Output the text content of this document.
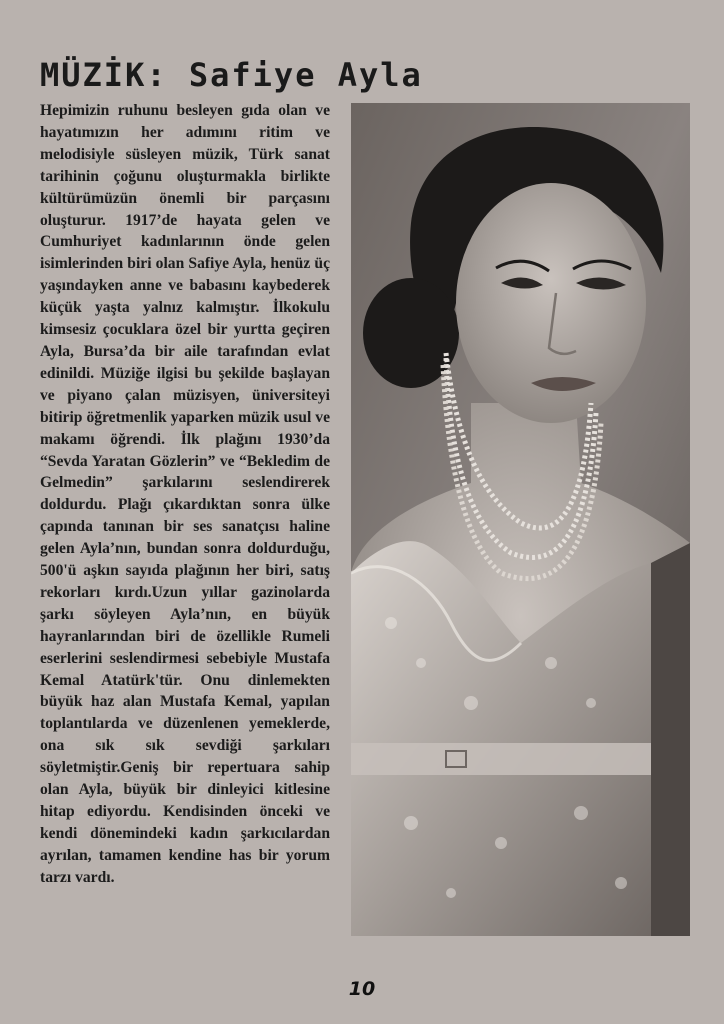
MÜZİK: Safiye Ayla

Hepimizin ruhunu besleyen gıda olan ve hayatımızın her adımını ritim ve melodisiyle süsleyen müzik, Türk sanat tarihinin çoğunu oluşturmakla birlikte kültürümüzün önemli bir parçasını oluşturur. 1917’de hayata gelen ve Cumhuriyet kadınlarının önde gelen isimlerinden biri olan Safiye Ayla, henüz üç yaşındayken anne ve babasını kaybederek küçük yaşta yalnız kalmıştır. İlkokulu kimsesiz çocuklara özel bir yurtta geçiren Ayla, Bursa’da bir aile tarafından evlat edinildi. Müziğe ilgisi bu şekilde başlayan ve piyano çalan müzisyen, üniversiteyi bitirip öğretmenlik yaparken müzik usul ve makamı öğrendi. İlk plağını 1930’da “Sevda Yaratan Gözlerin” ve “Bekledim de Gelmedin” şarkılarını seslendirerek doldurdu. Plağı çıkardıktan sonra ülke çapında tanınan bir ses sanatçısı haline gelen Ayla’nın, bundan sonra doldurduğu, 500'ü aşkın sayıda plağının her biri, satış rekorları kırdı.Uzun yıllar gazinolarda şarkı söyleyen Ayla’nın, en büyük hayranlarından biri de özellikle Rumeli eserlerini seslendirmesi sebebiyle Mustafa Kemal Atatürk'tür. Onu dinlemekten büyük haz alan Mustafa Kemal, yapılan toplantılarda ve düzenlenen yemeklerde, ona sık sık sevdiği şarkıları söyletmiştir.Geniş bir repertuara sahip olan Ayla, büyük bir dinleyici kitlesine hitap ediyordu. Kendisinden önceki ve kendi dönemindeki kadın şarkıcılardan ayrılan, tamamen kendine has bir yorum tarzı vardı.

10
